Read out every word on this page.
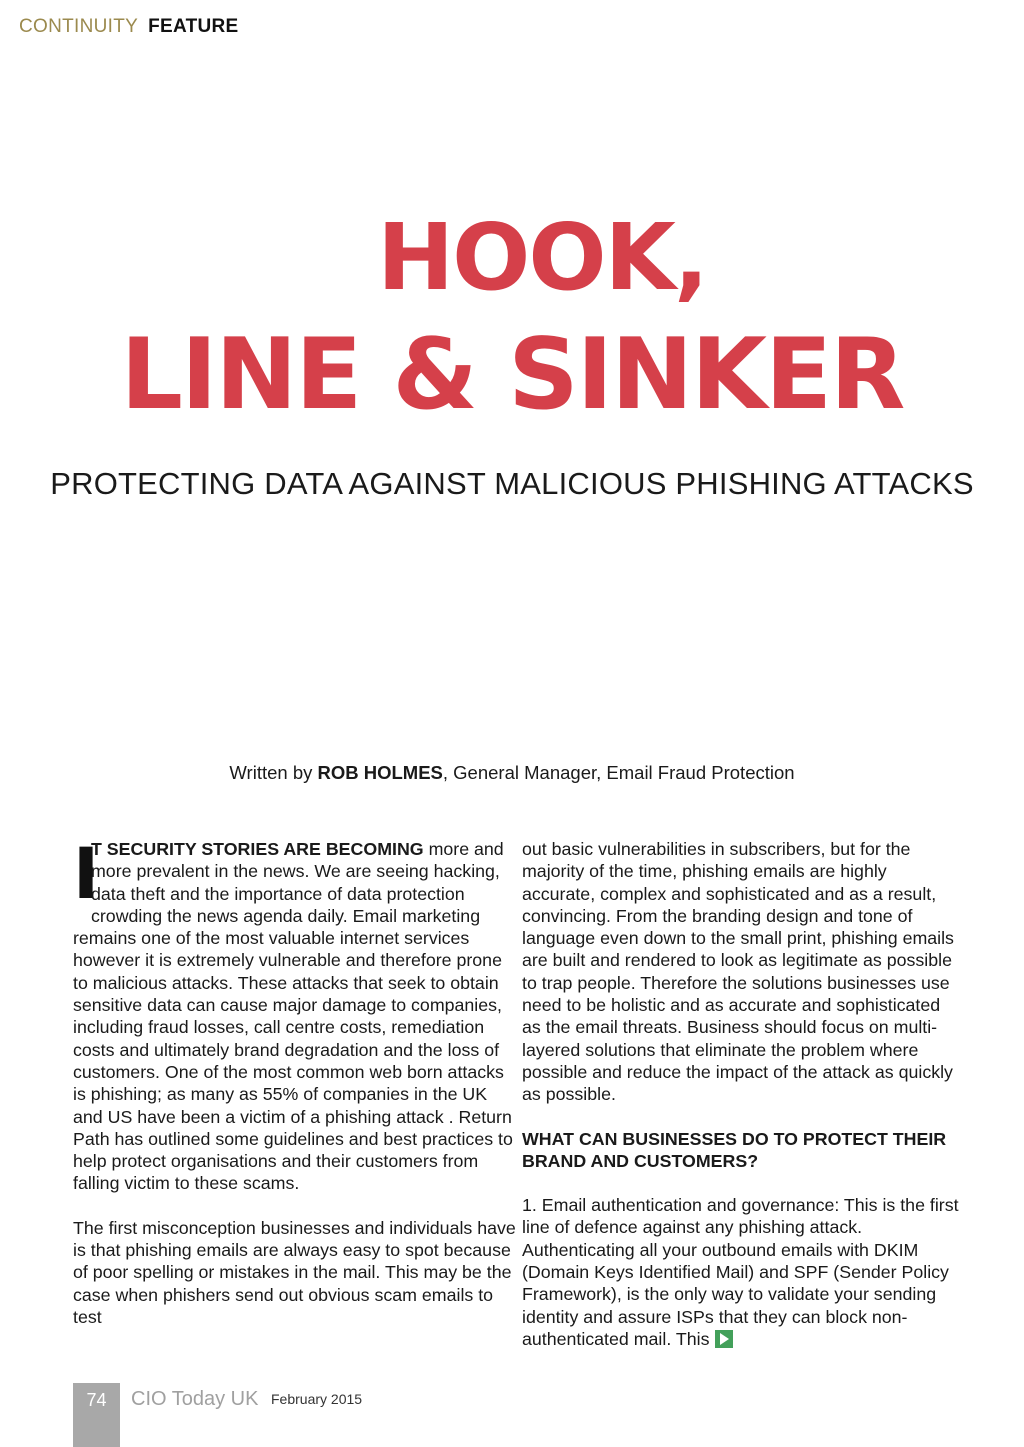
CONTINUITY FEATURE
HOOK,
LINE & SINKER
PROTECTING DATA AGAINST MALICIOUS PHISHING ATTACKS
Written by ROB HOLMES, General Manager, Email Fraud Protection

I
T SECURITY STORIES ARE BECOMING more and more prevalent in the news. We are seeing hacking, data theft and the importance of data protection crowding the news agenda daily. Email marketing remains one of the most valuable internet services however it is extremely vulnerable and therefore prone to malicious attacks. These attacks that seek to obtain sensitive data can cause major damage to companies, including fraud losses, call centre costs, remediation costs and ultimately brand degradation and the loss of customers. One of the most common web born attacks is phishing; as many as 55% of companies in the UK and US have been a victim of a phishing attack . Return Path has outlined some guidelines and best practices to help protect organisations and their customers from falling victim to these scams.

The first misconception businesses and individuals have is that phishing emails are always easy to spot because of poor spelling or mistakes in the mail. This may be the case when phishers send out obvious scam emails to test

out basic vulnerabilities in subscribers, but for the majority of the time, phishing emails are highly accurate, complex and sophisticated and as a result, convincing. From the branding design and tone of language even down to the small print, phishing emails are built and rendered to look as legitimate as possible to trap people. Therefore the solutions businesses use need to be holistic and as accurate and sophisticated as the email threats. Business should focus on multi-layered solutions that eliminate the problem where possible and reduce the impact of the attack as quickly as possible.

WHAT CAN BUSINESSES DO TO PROTECT THEIR BRAND AND CUSTOMERS?

1. Email authentication and governance: This is the first line of defence against any phishing attack. Authenticating all your outbound emails with DKIM (Domain Keys Identified Mail) and SPF (Sender Policy Framework), is the only way to validate your sending identity and assure ISPs that they can block non-authenticated mail. This

74	CIO Today UK February 2015
